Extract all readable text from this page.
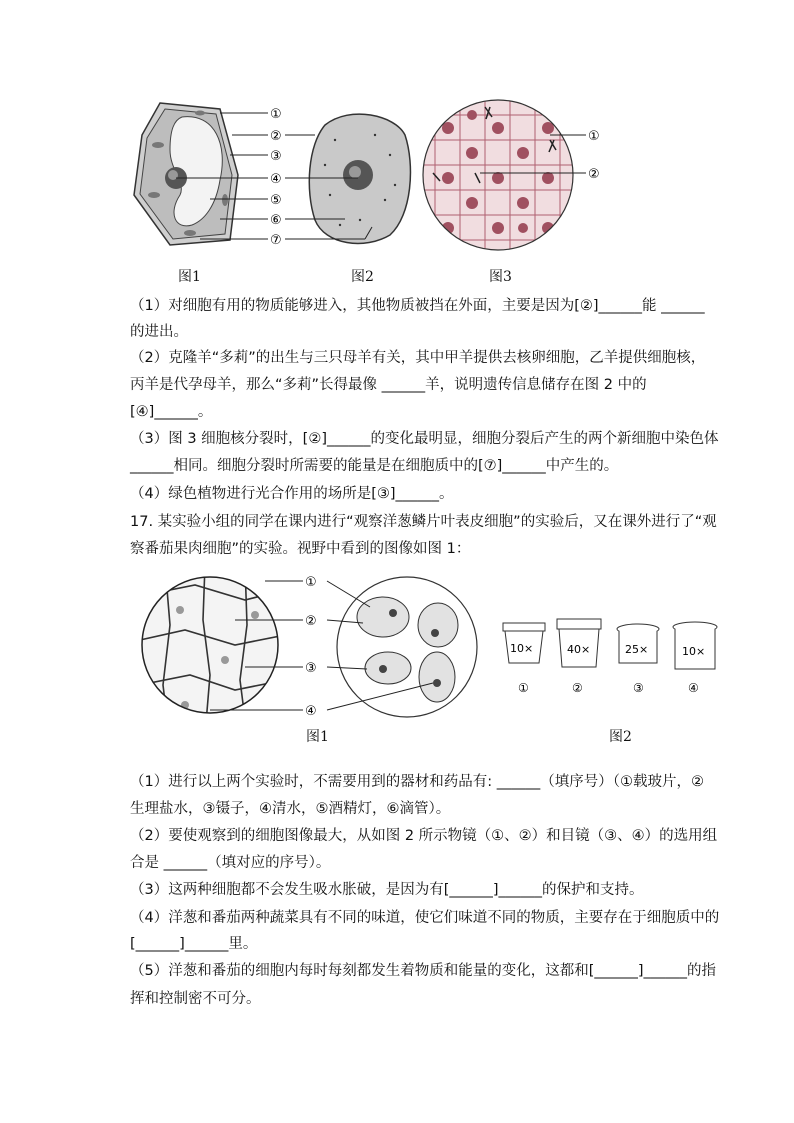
①
②
③
④
⑤
⑥
⑦
①
②
图1	图2	图3
（1）对细胞有用的物质能够进入，其他物质被挡在外面，主要是因为[②]______能 ______
的进出。
（2）克隆羊“多莉”的出生与三只母羊有关，其中甲羊提供去核卵细胞，乙羊提供细胞核，
丙羊是代孕母羊，那么“多莉”长得最像 ______羊，说明遗传信息储存在图 2 中的
[④]______。
（3）图 3 细胞核分裂时，[②]______的变化最明显，细胞分裂后产生的两个新细胞中染色体
______相同。细胞分裂时所需要的能量是在细胞质中的[⑦]______中产生的。
（4）绿色植物进行光合作用的场所是[③]______。
17. 某实验小组的同学在课内进行“观察洋葱鳞片叶表皮细胞”的实验后，又在课外进行了“观
察番茄果肉细胞”的实验。视野中看到的图像如图 1：
①
②
③
④
10×
①
40×
②
25×
③
10×
④
图1	图2
（1）进行以上两个实验时，不需要用到的器材和药品有: ______（填序号）（①载玻片，②
生理盐水，③镊子，④清水，⑤酒精灯，⑥滴管）。
（2）要使观察到的细胞图像最大，从如图 2 所示物镜（①、②）和目镜（③、④）的选用组
合是 ______（填对应的序号）。
（3）这两种细胞都不会发生吸水胀破，是因为有[______]______的保护和支持。
（4）洋葱和番茄两种蔬菜具有不同的味道，使它们味道不同的物质，主要存在于细胞质中的
[______]______里。
（5）洋葱和番茄的细胞内每时每刻都发生着物质和能量的变化，这都和[______]______的指
挥和控制密不可分。
